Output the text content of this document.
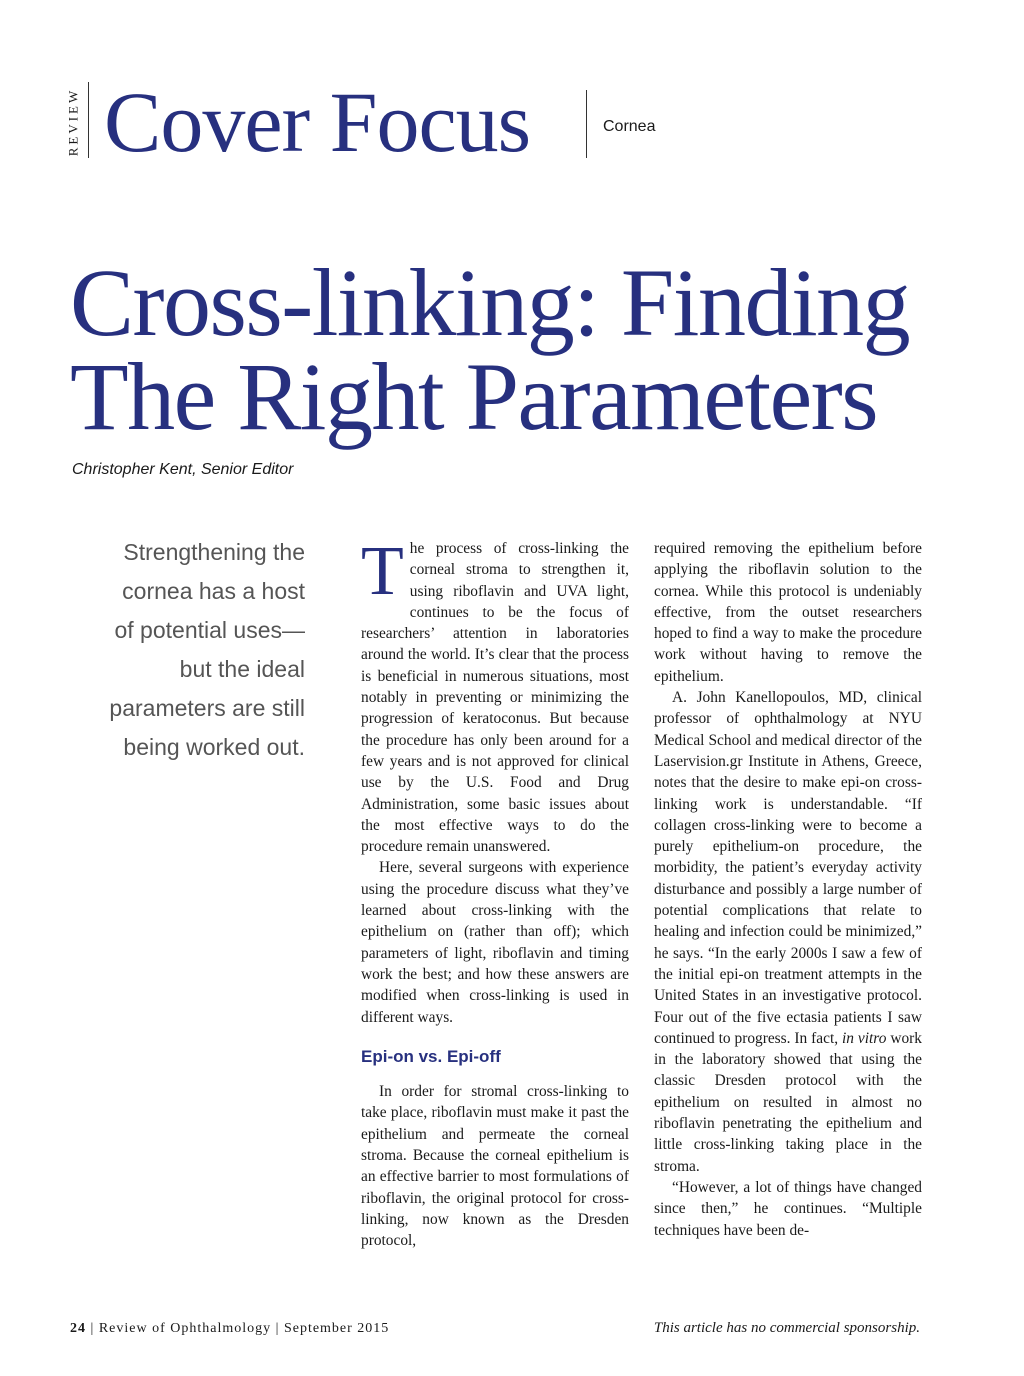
REVIEW Cover Focus	Cornea
Cross-linking: Finding
The Right Parameters
Christopher Kent, Senior Editor

Strengthening the cornea has a host of potential uses—but the ideal parameters are still being worked out.

The process of cross-linking the corneal stroma to strengthen it, using riboflavin and UVA light, continues to be the focus of researchers’ attention in laboratories around the world. It’s clear that the process is beneficial in numerous situations, most notably in preventing or minimizing the progression of keratoconus. But because the procedure has only been around for a few years and is not approved for clinical use by the U.S. Food and Drug Administration, some basic issues about the most effective ways to do the procedure remain unanswered.

Here, several surgeons with experience using the procedure discuss what they’ve learned about cross-linking with the epithelium on (rather than off); which parameters of light, riboflavin and timing work the best; and how these answers are modified when cross-linking is used in different ways.

Epi-on vs. Epi-off

In order for stromal cross-linking to take place, riboflavin must make it past the epithelium and permeate the corneal stroma. Because the corneal epithelium is an effective barrier to most formulations of riboflavin, the original protocol for cross-linking, now known as the Dresden protocol,

required removing the epithelium before applying the riboflavin solution to the cornea. While this protocol is undeniably effective, from the outset researchers hoped to find a way to make the procedure work without having to remove the epithelium.

A. John Kanellopoulos, MD, clinical professor of ophthalmology at NYU Medical School and medical director of the Laservision.gr Institute in Athens, Greece, notes that the desire to make epi-on cross-linking work is understandable. “If collagen cross-linking were to become a purely epithelium-on procedure, the morbidity, the patient’s everyday activity disturbance and possibly a large number of potential complications that relate to healing and infection could be minimized,” he says. “In the early 2000s I saw a few of the initial epi-on treatment attempts in the United States in an investigative protocol. Four out of the five ectasia patients I saw continued to progress. In fact, in vitro work in the laboratory showed that using the classic Dresden protocol with the epithelium on resulted in almost no riboflavin penetrating the epithelium and little cross-linking taking place in the stroma.

“However, a lot of things have changed since then,” he continues. “Multiple techniques have been de-

24 | Review of Ophthalmology | September 2015	This article has no commercial sponsorship.
